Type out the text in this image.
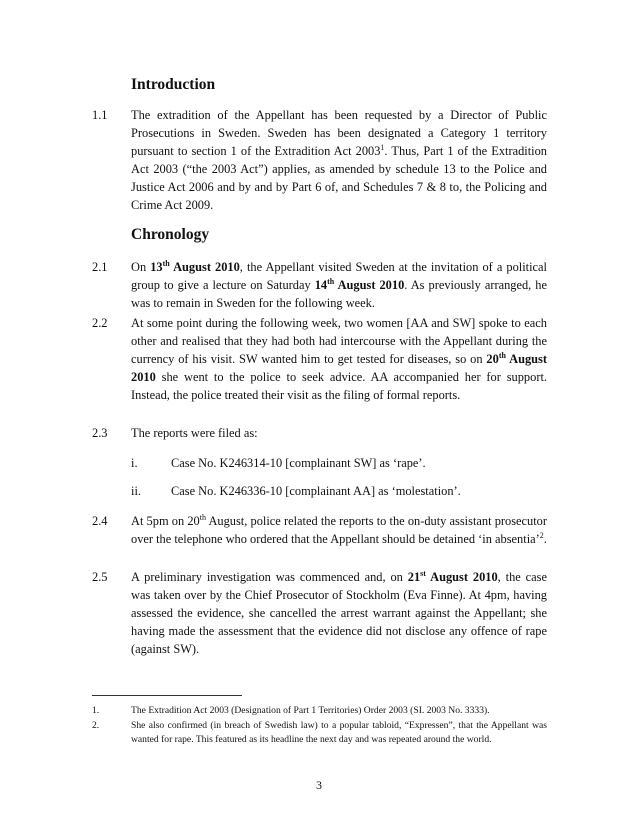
Introduction
1.1	The extradition of the Appellant has been requested by a Director of Public Prosecutions in Sweden. Sweden has been designated a Category 1 territory pursuant to section 1 of the Extradition Act 2003$^1$. Thus, Part 1 of the Extradition Act 2003 (“the 2003 Act”) applies, as amended by schedule 13 to the Police and Justice Act 2006 and by and by Part 6 of, and Schedules 7 & 8 to, the Policing and Crime Act 2009.
Chronology
2.1	On 13th August 2010, the Appellant visited Sweden at the invitation of a political group to give a lecture on Saturday 14th August 2010. As previously arranged, he was to remain in Sweden for the following week.
2.2	At some point during the following week, two women [AA and SW] spoke to each other and realised that they had both had intercourse with the Appellant during the currency of his visit. SW wanted him to get tested for diseases, so on 20th August 2010 she went to the police to seek advice. AA accompanied her for support. Instead, the police treated their visit as the filing of formal reports.
2.3	The reports were filed as:
i.	Case No. K246314-10 [complainant SW] as ‘rape’.
ii. Case No. K246336-10 [complainant AA] as ‘molestation’.
2.4	At 5pm on 20th August, police related the reports to the on-duty assistant prosecutor over the telephone who ordered that the Appellant should be detained ‘in absentia’$^2$.
2.5	A preliminary investigation was commenced and, on 21st August 2010, the case was taken over by the Chief Prosecutor of Stockholm (Eva Finne). At 4pm, having assessed the evidence, she cancelled the arrest warrant against the Appellant; she having made the assessment that the evidence did not disclose any offence of rape (against SW).
1.	The Extradition Act 2003 (Designation of Part 1 Territories) Order 2003 (SI. 2003 No. 3333).
2.	She also confirmed (in breach of Swedish law) to a popular tabloid, “Expressen”, that the Appellant was wanted for rape. This featured as its headline the next day and was repeated around the world.
3
